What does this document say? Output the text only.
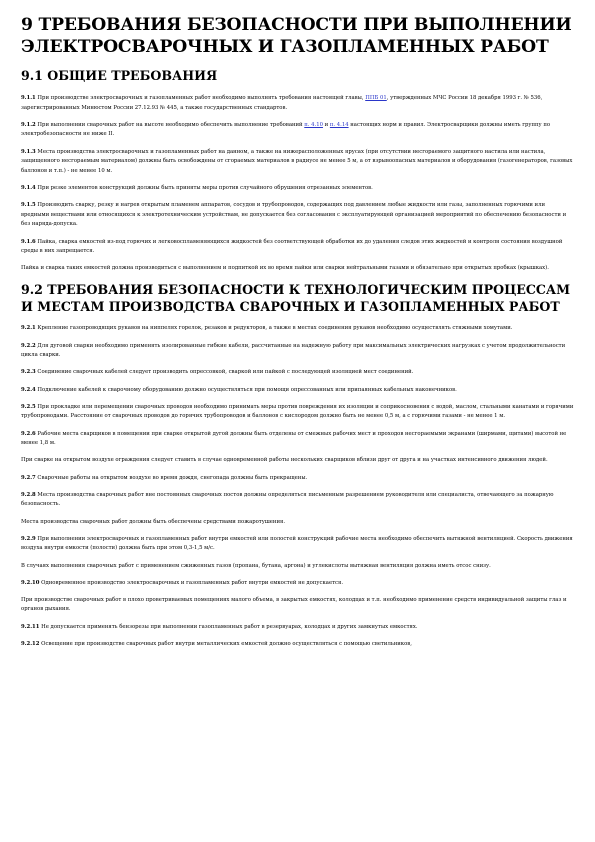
9 ТРЕБОВАНИЯ БЕЗОПАСНОСТИ ПРИ ВЫПОЛНЕНИИ ЭЛЕКТРОСВАРОЧНЫХ И ГАЗОПЛАМЕННЫХ РАБОТ
9.1 ОБЩИЕ ТРЕБОВАНИЯ
9.1.1 При производстве электросварочных и газопламенных работ необходимо выполнять требования настоящей главы, ППБ 01, утвержденных МЧС России 18 декабря 1993 г. № 536, зарегистрированных Минюстом России 27.12.93 № 445, а также государственных стандартов.
9.1.2 При выполнении сварочных работ на высоте необходимо обеспечить выполнение требований п. 4.10 и п. 4.14 настоящих норм и правил. Электросварщики должны иметь группу по электробезопасности не ниже II.
9.1.3 Места производства электросварочных и газопламенных работ на данном, а также на нижерасположенных ярусах (при отсутствии несгораемого защитного настила или настила, защищенного несгораемым материалом) должны быть освобождены от сгораемых материалов в радиусе не менее 5 м, а от взрывоопасных материалов и оборудования (газогенераторов, газовых баллонов и т.п.) - не менее 10 м.
9.1.4 При резке элементов конструкций должны быть приняты меры против случайного обрушения отрезанных элементов.
9.1.5 Производить сварку, резку и нагрев открытым пламенем аппаратов, сосудов и трубопроводов, содержащих под давлением любые жидкости или газы, заполненных горючими или вредными веществами или относящихся к электротехническим устройствам, не допускается без согласования с эксплуатирующей организацией мероприятий по обеспечению безопасности и без наряда-допуска.
9.1.6 Пайка, сварка емкостей из-под горючих и легковоспламеняющихся жидкостей без соответствующей обработки их до удаления следов этих жидкостей и контроля состояния воздушной среды в них запрещается.
Пайка и сварка таких емкостей должна производиться с выполнением и подпиткой их во время пайки или сварки нейтральными газами и обязательно при открытых пробках (крышках).
9.2 ТРЕБОВАНИЯ БЕЗОПАСНОСТИ К ТЕХНОЛОГИЧЕСКИМ ПРОЦЕССАМ И МЕСТАМ ПРОИЗВОДСТВА СВАРОЧНЫХ И ГАЗОПЛАМЕННЫХ РАБОТ
9.2.1 Крепление газопроводящих рукавов на ниппелях горелок, резаков и редукторов, а также в местах соединения рукавов необходимо осуществлять стяжными хомутами.
9.2.2 Для дуговой сварки необходимо применять изолированные гибкие кабели, рассчитанные на надежную работу при максимальных электрических нагрузках с учетом продолжительности цикла сварки.
9.2.3 Соединение сварочных кабелей следует производить опрессовкой, сваркой или пайкой с последующей изоляцией мест соединений.
9.2.4 Подключение кабелей к сварочному оборудованию должно осуществляться при помощи опрессованных или припаянных кабельных наконечников.
9.2.5 При прокладке или перемещении сварочных проводов необходимо принимать меры против повреждения их изоляции и соприкосновения с водой, маслом, стальными канатами и горячими трубопроводами. Расстояние от сварочных проводов до горячих трубопроводов и баллонов с кислородом должно быть не менее 0,5 м, а с горючими газами - не менее 1 м.
9.2.6 Рабочие места сварщиков в помещении при сварке открытой дугой должны быть отделены от смежных рабочих мест и проходов несгораемыми экранами (ширмами, щитами) высотой не менее 1,8 м.
При сварке на открытом воздухе ограждения следует ставить в случае одновременной работы нескольких сварщиков вблизи друг от друга и на участках интенсивного движения людей.
9.2.7 Сварочные работы на открытом воздухе во время дождя, снегопада должны быть прекращены.
9.2.8 Места производства сварочных работ вне постоянных сварочных постов должны определяться письменным разрешением руководителя или специалиста, отвечающего за пожарную безопасность.
Места производства сварочных работ должны быть обеспечены средствами пожаротушения.
9.2.9 При выполнении электросварочных и газопламенных работ внутри емкостей или полостей конструкций рабочие места необходимо обеспечить вытяжной вентиляцией. Скорость движения воздуха внутри емкости (полости) должна быть при этом 0,3-1,5 м/с.
В случаях выполнения сварочных работ с применением сжиженных газов (пропана, бутана, аргона) и углекислоты вытяжная вентиляция должна иметь отсос снизу.
9.2.10 Одновременное производство электросварочных и газопламенных работ внутри емкостей не допускается.
При производстве сварочных работ в плохо проветриваемых помещениях малого объема, в закрытых емкостях, колодцах и т.п. необходимо применение средств индивидуальной защиты глаз и органов дыхания.
9.2.11 Не допускается применять бензорезы при выполнении газопламенных работ в резервуарах, колодцах и других замкнутых емкостях.
9.2.12 Освещение при производстве сварочных работ внутри металлических емкостей должно осуществляться с помощью светильников,
